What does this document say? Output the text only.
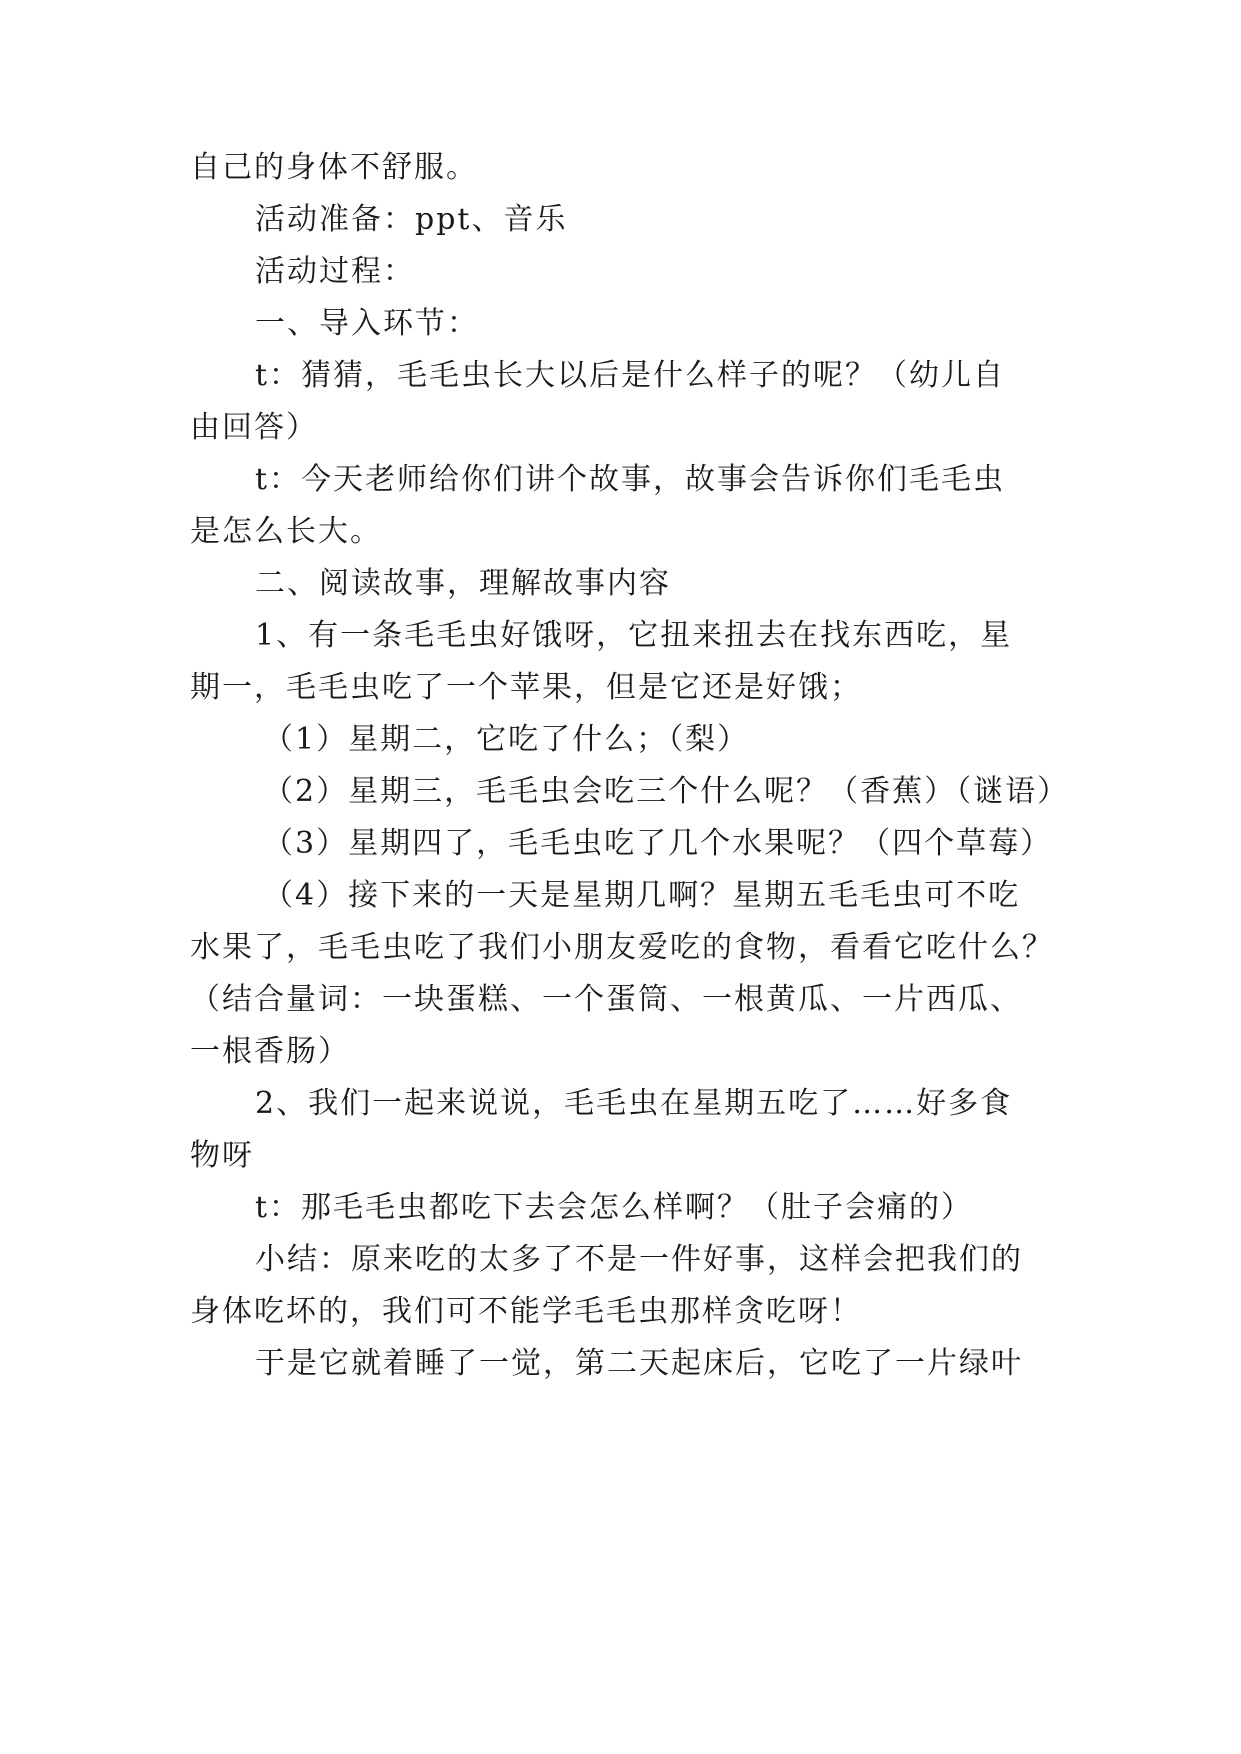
自己的身体不舒服。
活动准备：ppt、音乐
活动过程：
一、导入环节：
t：猜猜，毛毛虫长大以后是什么样子的呢？（幼儿自
由回答）
t：今天老师给你们讲个故事，故事会告诉你们毛毛虫
是怎么长大。
二、阅读故事，理解故事内容
1、有一条毛毛虫好饿呀，它扭来扭去在找东西吃，星
期一，毛毛虫吃了一个苹果，但是它还是好饿；
（1）星期二，它吃了什么；（梨）
（2）星期三，毛毛虫会吃三个什么呢？（香蕉）（谜语）
（3）星期四了，毛毛虫吃了几个水果呢？（四个草莓）
（4）接下来的一天是星期几啊？星期五毛毛虫可不吃
水果了，毛毛虫吃了我们小朋友爱吃的食物，看看它吃什么？
（结合量词：一块蛋糕、一个蛋筒、一根黄瓜、一片西瓜、
一根香肠）
2、我们一起来说说，毛毛虫在星期五吃了……好多食
物呀
t：那毛毛虫都吃下去会怎么样啊？（肚子会痛的）
小结：原来吃的太多了不是一件好事，这样会把我们的
身体吃坏的，我们可不能学毛毛虫那样贪吃呀！
于是它就着睡了一觉，第二天起床后，它吃了一片绿叶
